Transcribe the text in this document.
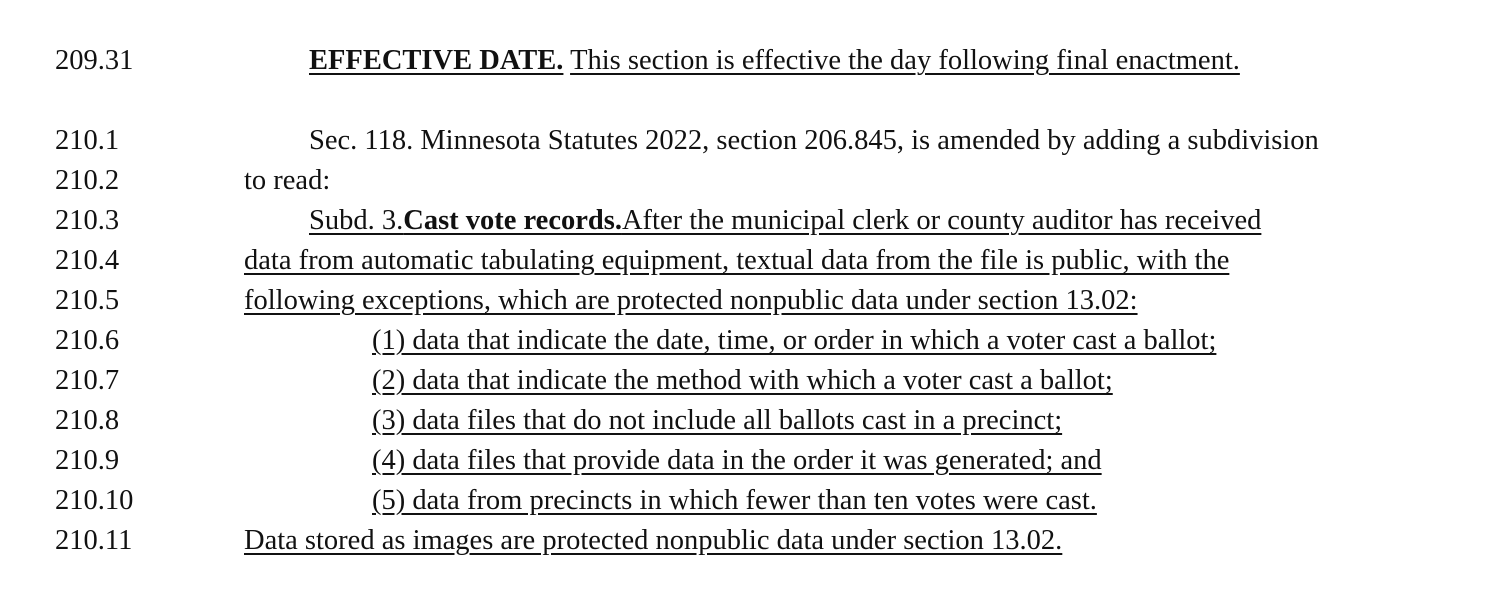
209.31	EFFECTIVE DATE. This section is effective the day following final enactment.
210.1	Sec. 118. Minnesota Statutes 2022, section 206.845, is amended by adding a subdivision
210.2	to read:
210.3	Subd. 3.Cast vote records.After the municipal clerk or county auditor has received
210.4	data from automatic tabulating equipment, textual data from the file is public, with the
210.5	following exceptions, which are protected nonpublic data under section 13.02:
210.6	(1) data that indicate the date, time, or order in which a voter cast a ballot;
210.7	(2) data that indicate the method with which a voter cast a ballot;
210.8	(3) data files that do not include all ballots cast in a precinct;
210.9	(4) data files that provide data in the order it was generated; and
210.10	(5) data from precincts in which fewer than ten votes were cast.
210.11	Data stored as images are protected nonpublic data under section 13.02.
